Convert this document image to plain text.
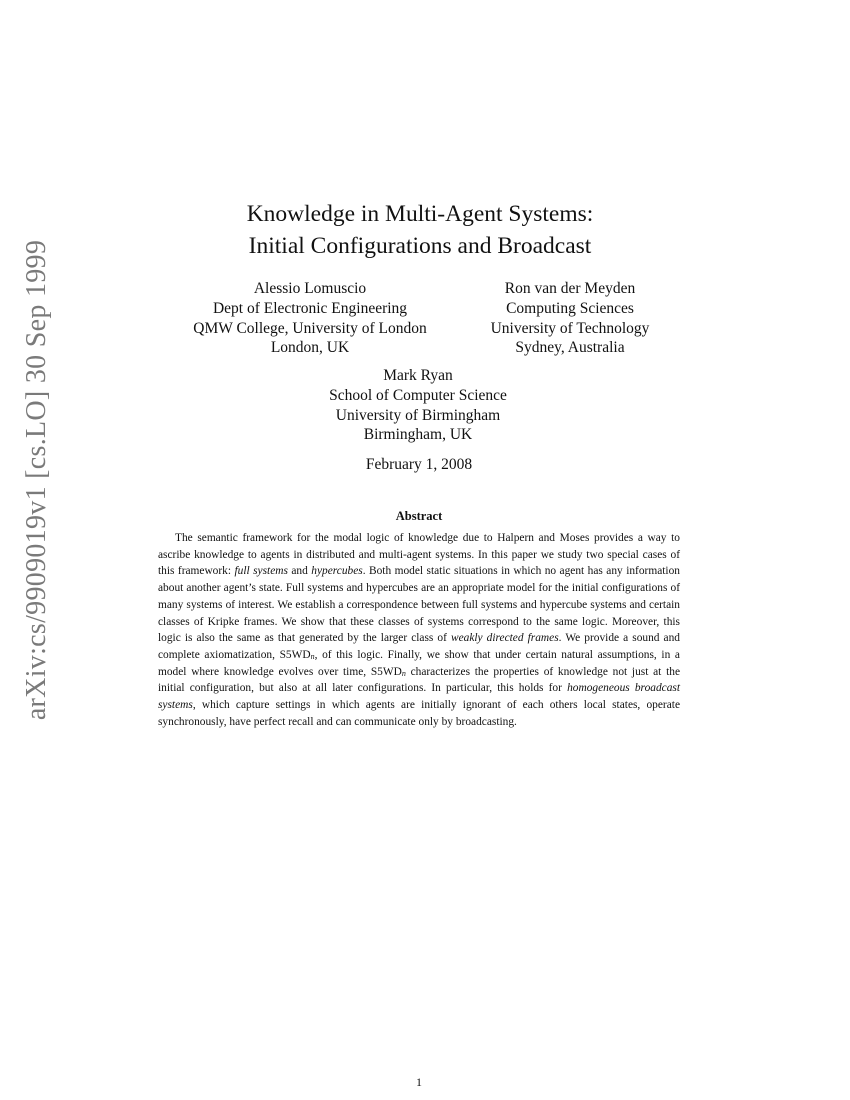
arXiv:cs/9909019v1 [cs.LO] 30 Sep 1999
Knowledge in Multi-Agent Systems:
Initial Configurations and Broadcast
Alessio Lomuscio
Dept of Electronic Engineering
QMW College, University of London
London, UK
Ron van der Meyden
Computing Sciences
University of Technology
Sydney, Australia
Mark Ryan
School of Computer Science
University of Birmingham
Birmingham, UK
February 1, 2008
Abstract
The semantic framework for the modal logic of knowledge due to Halpern and Moses provides a way to ascribe knowledge to agents in distributed and multi-agent systems. In this paper we study two special cases of this framework: full systems and hypercubes. Both model static situations in which no agent has any information about another agent’s state. Full systems and hypercubes are an appropriate model for the initial configurations of many systems of interest. We establish a correspondence between full systems and hypercube systems and certain classes of Kripke frames. We show that these classes of systems correspond to the same logic. Moreover, this logic is also the same as that generated by the larger class of weakly directed frames. We provide a sound and complete axiomatization, $S5WD_n$, of this logic. Finally, we show that under certain natural assumptions, in a model where knowledge evolves over time, $S5WD_n$ characterizes the properties of knowledge not just at the initial configuration, but also at all later configurations. In particular, this holds for homogeneous broadcast systems, which capture settings in which agents are initially ignorant of each others local states, operate synchronously, have perfect recall and can communicate only by broadcasting.
1
